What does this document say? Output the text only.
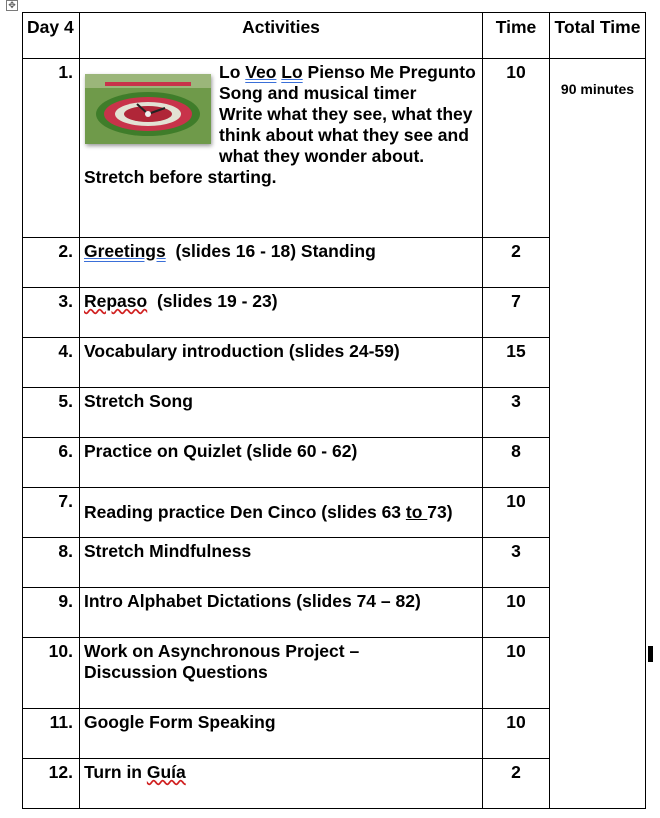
✥
Day 4	Activities	Time	Total Time
1.	Lo Veo Lo Pienso Me Pregunto
Song and musical timer
Write what they see, what they think about what they see and what they wonder about.
Stretch before starting.	10	90 minutes
2.	Greetings (slides 16 - 18) Standing	2	
3.	Repaso (slides 19 - 23)	7	
4.	Vocabulary introduction (slides 24-59)	15	
5.	Stretch Song	3	
6.	Practice on Quizlet (slide 60 - 62)	8	
7.	Reading practice Den Cinco (slides 63 to 73)	10	
8.	Stretch Mindfulness	3	
9.	Intro Alphabet Dictations (slides 74 – 82)	10	
10.	Work on Asynchronous Project – Discussion Questions	10	
11.	Google Form Speaking	10	
12.	Turn in Guía	2	
